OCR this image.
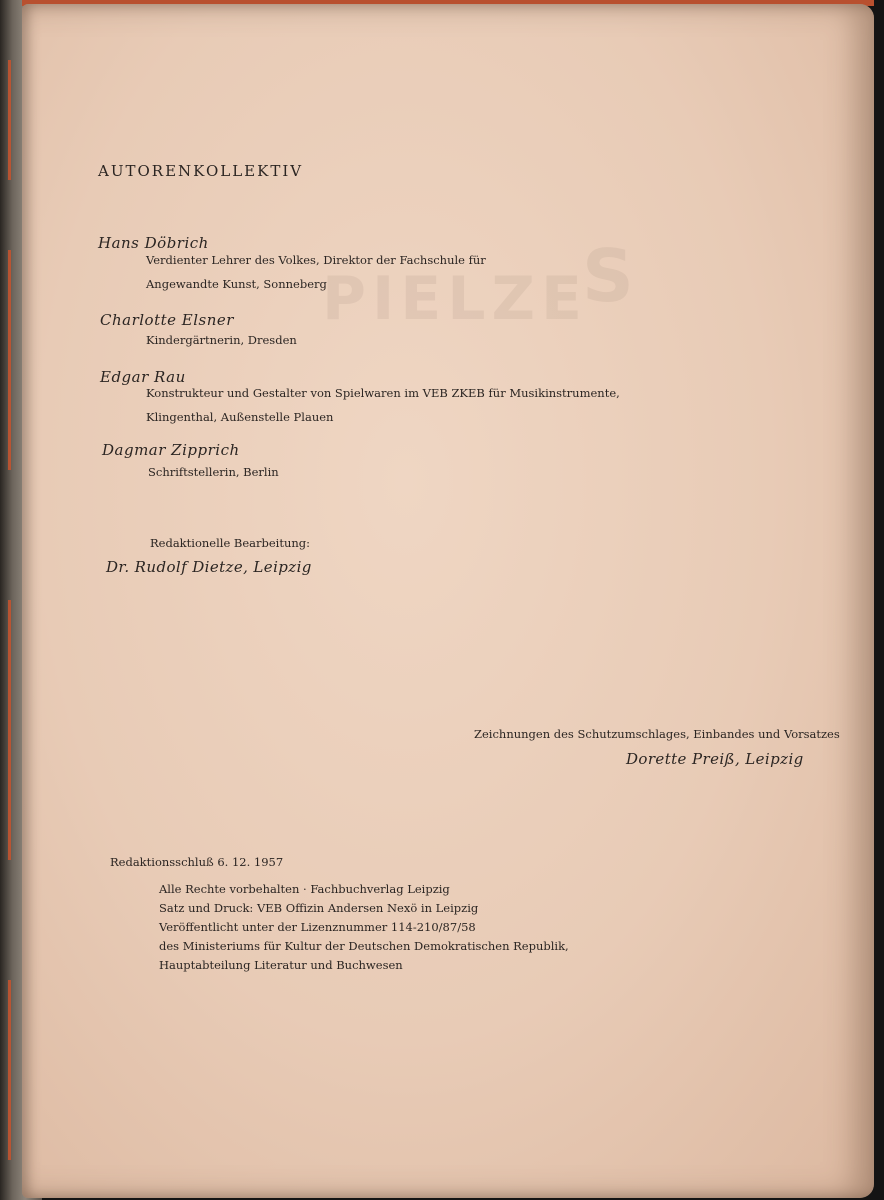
S
PIELZE
AUTORENKOLLEKTIV
Hans Döbrich
Verdienter Lehrer des Volkes, Direktor der Fachschule für
Angewandte Kunst, Sonneberg
Charlotte Elsner
Kindergärtnerin, Dresden
Edgar Rau
Konstrukteur und Gestalter von Spielwaren im VEB ZKEB für Musikinstrumente,
Klingenthal, Außenstelle Plauen
Dagmar Zipprich
Schriftstellerin, Berlin
Redaktionelle Bearbeitung:
Dr. Rudolf Dietze, Leipzig
Zeichnungen des Schutzumschlages, Einbandes und Vorsatzes
Dorette Preiß, Leipzig
Redaktionsschluß 6. 12. 1957
Alle Rechte vorbehalten · Fachbuchverlag Leipzig
Satz und Druck: VEB Offizin Andersen Nexö in Leipzig
Veröffentlicht unter der Lizenznummer 114-210/87/58
des Ministeriums für Kultur der Deutschen Demokratischen Republik,
Hauptabteilung Literatur und Buchwesen
